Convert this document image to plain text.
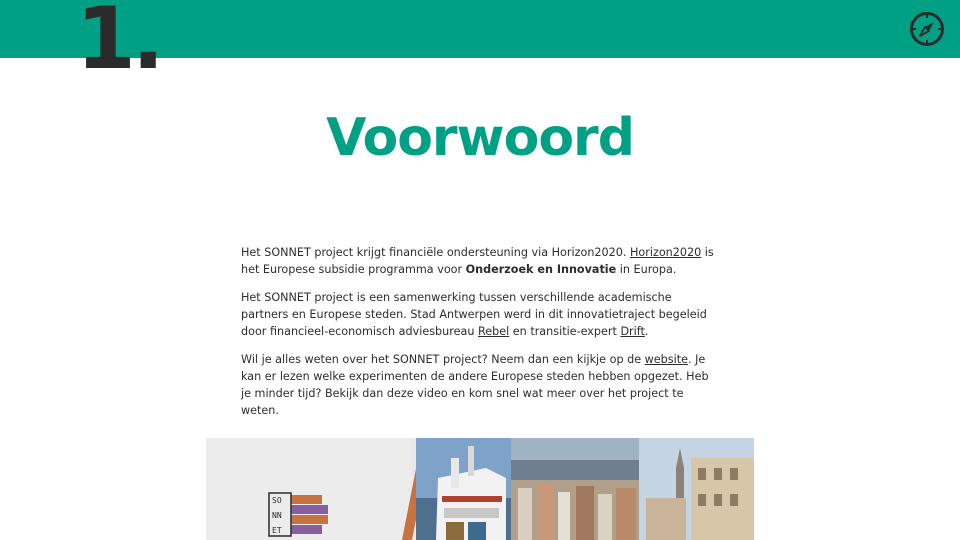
1.
Voorwoord

Het SONNET project krijgt financiële ondersteuning via Horizon2020. Horizon2020 is het Europese subsidie programma voor Onderzoek en Innovatie in Europa.

Het SONNET project is een samenwerking tussen verschillende academische partners en Europese steden. Stad Antwerpen werd in dit innovatietraject begeleid door financieel-economisch adviesbureau Rebel en transitie-expert Drift.

Wil je alles weten over het SONNET project? Neem dan een kijkje op de website. Je kan er lezen welke experimenten de andere Europese steden hebben opgezet. Heb je minder tijd? Bekijk dan deze video en kom snel wat meer over het project te weten.

SO
NN
ET
